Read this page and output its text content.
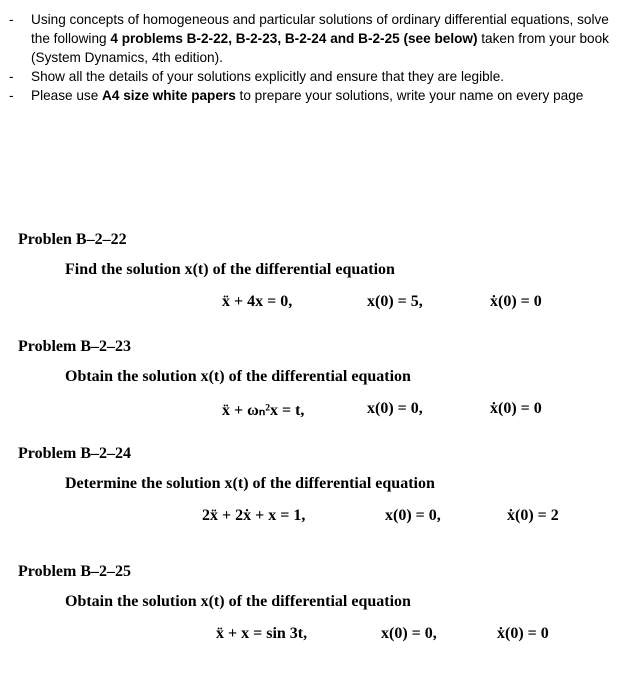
- Using concepts of homogeneous and particular solutions of ordinary differential equations, solve the following 4 problems B-2-22, B-2-23, B-2-24 and B-2-25 (see below) taken from your book (System Dynamics, 4th edition).
- Show all the details of your solutions explicitly and ensure that they are legible.
- Please use A4 size white papers to prepare your solutions, write your name on every page
Problen B–2–22
Find the solution x(t) of the differential equation
ẍ + 4x = 0,	x(0) = 5,	ẋ(0) = 0
Problem B–2–23
Obtain the solution x(t) of the differential equation
ẍ + ωₙ²x = t,	x(0) = 0,	ẋ(0) = 0
Problem B–2–24
Determine the solution x(t) of the differential equation
2ẍ + 2ẋ + x = 1,	x(0) = 0,	ẋ(0) = 2
Problem B–2–25
Obtain the solution x(t) of the differential equation
ẍ + x = sin 3t,	x(0) = 0,	ẋ(0) = 0
